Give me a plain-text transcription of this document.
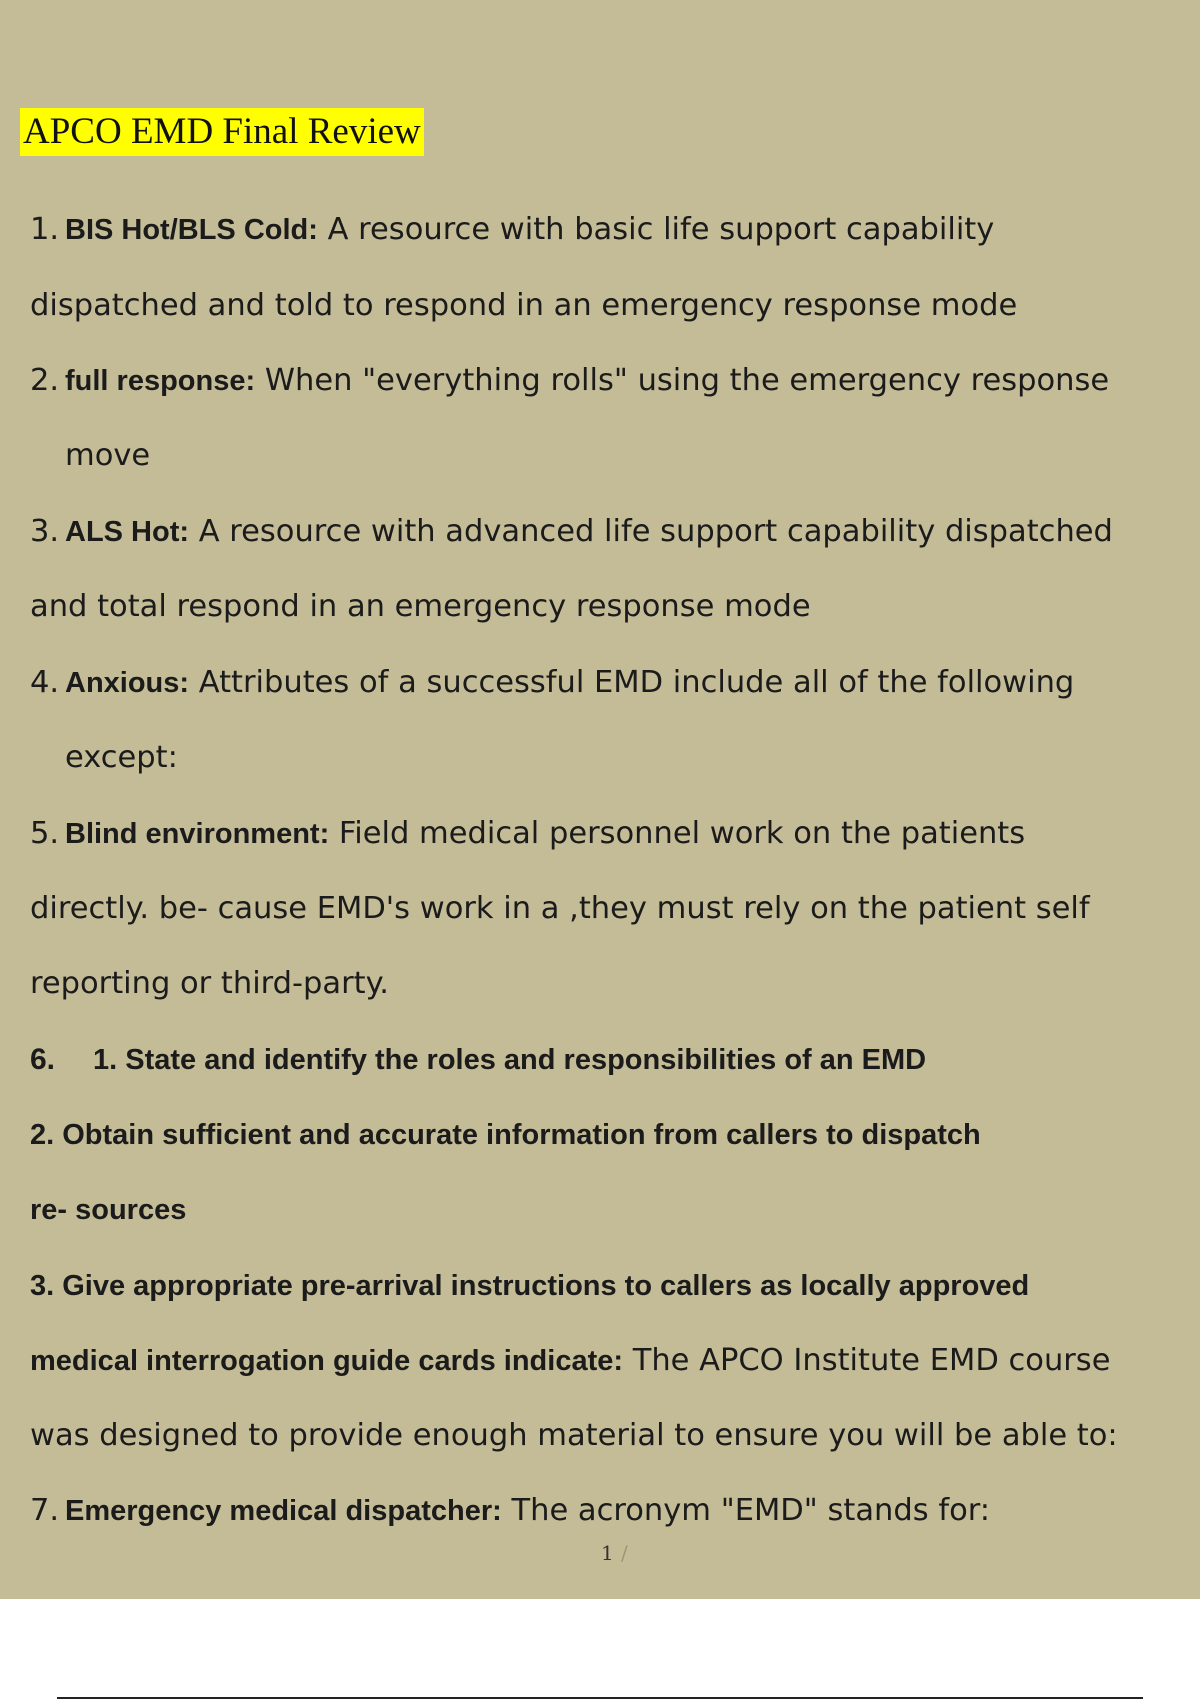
APCO EMD Final Review
1. BIS Hot/BLS Cold: A resource with basic life support capability
dispatched and told to respond in an emergency response mode
2. full response: When "everything rolls" using the emergency response
move
3. ALS Hot: A resource with advanced life support capability dispatched
and total respond in an emergency response mode
4. Anxious: Attributes of a successful EMD include all of the following
except:
5. Blind environment: Field medical personnel work on the patients
directly. be- cause EMD's work in a ,they must rely on the patient self
reporting or third-party.
6. 1. State and identify the roles and responsibilities of an EMD
2. Obtain sufficient and accurate information from callers to dispatch
re- sources
3. Give appropriate pre-arrival instructions to callers as locally approved
medical interrogation guide cards indicate: The APCO Institute EMD course
was designed to provide enough material to ensure you will be able to:
7. Emergency medical dispatcher: The acronym "EMD" stands for:
1 /
